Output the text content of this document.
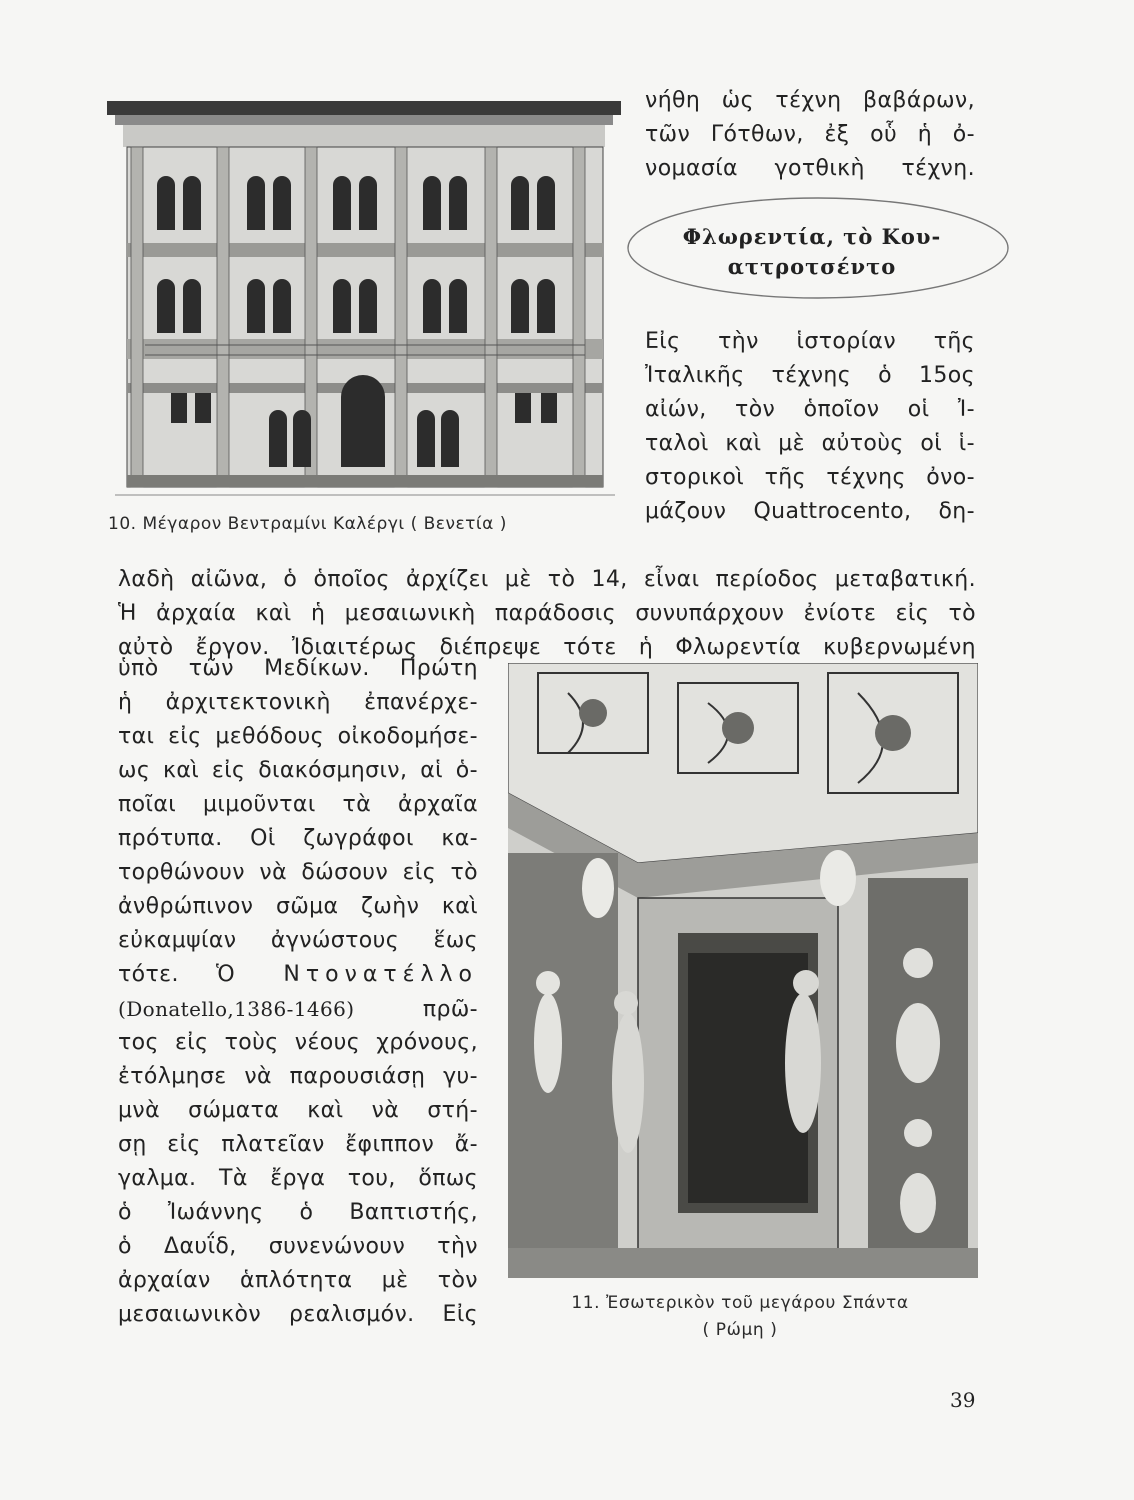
10. Μέγαρον Βεντραμίνι Καλέργι ( Βενετία )
νήθη ὡς τέχνη βαβάρων,
τῶν Γότθων, ἐξ οὗ ἡ ὀ-
νομασία γοτθικὴ τέχνη.
Φλωρεντία, τὸ Κου-
αττροτσέντο
Εἰς τὴν ἱστορίαν τῆς
Ἰταλικῆς τέχνης ὁ 15ος
αἰών, τὸν ὁποῖον οἱ Ἰ-
ταλοὶ καὶ μὲ αὐτοὺς οἱ ἱ-
στορικοὶ τῆς τέχνης ὀνο-
μάζουν Quattrocento, δη-
λαδὴ αἰῶνα, ὁ ὁποῖος ἀρχίζει μὲ τὸ 14, εἶναι περίοδος μεταβατική.
Ἡ ἀρχαία καὶ ἡ μεσαιωνικὴ παράδοσις συνυπάρχουν ἐνίοτε εἰς τὸ
αὐτὸ ἔργον. Ἰδιαιτέρως διέπρεψε τότε ἡ Φλωρεντία κυβερνωμένη
11. Ἐσωτερικὸν τοῦ μεγάρου Σπάντα
( Ρώμη )
ὑπὸ τῶν Μεδίκων. Πρώτη
ἡ ἀρχιτεκτονικὴ ἐπανέρχε-
ται εἰς μεθόδους οἰκοδομήσε-
ως καὶ εἰς διακόσμησιν, αἱ ὁ-
ποῖαι μιμοῦνται τὰ ἀρχαῖα
πρότυπα. Οἱ ζωγράφοι κα-
τορθώνουν νὰ δώσουν εἰς τὸ
ἀνθρώπινον σῶμα ζωὴν καὶ
εὐκαμψίαν ἀγνώστους ἕως
τότε. Ὁ Ντονατέλλο
(Donatello,1386-1466)	πρῶ-
τος εἰς τοὺς νέους χρόνους,
ἐτόλμησε νὰ παρουσιάσῃ γυ-
μνὰ σώματα καὶ νὰ στή-
σῃ εἰς πλατεῖαν ἔφιππον ἄ-
γαλμα. Τὰ ἔργα του, ὅπως
ὁ Ἰωάννης ὁ Βαπτιστής,
ὁ Δαυΐδ, συνενώνουν τὴν
ἀρχαίαν ἁπλότητα μὲ τὸν
μεσαιωνικὸν ρεαλισμόν. Εἰς
39
